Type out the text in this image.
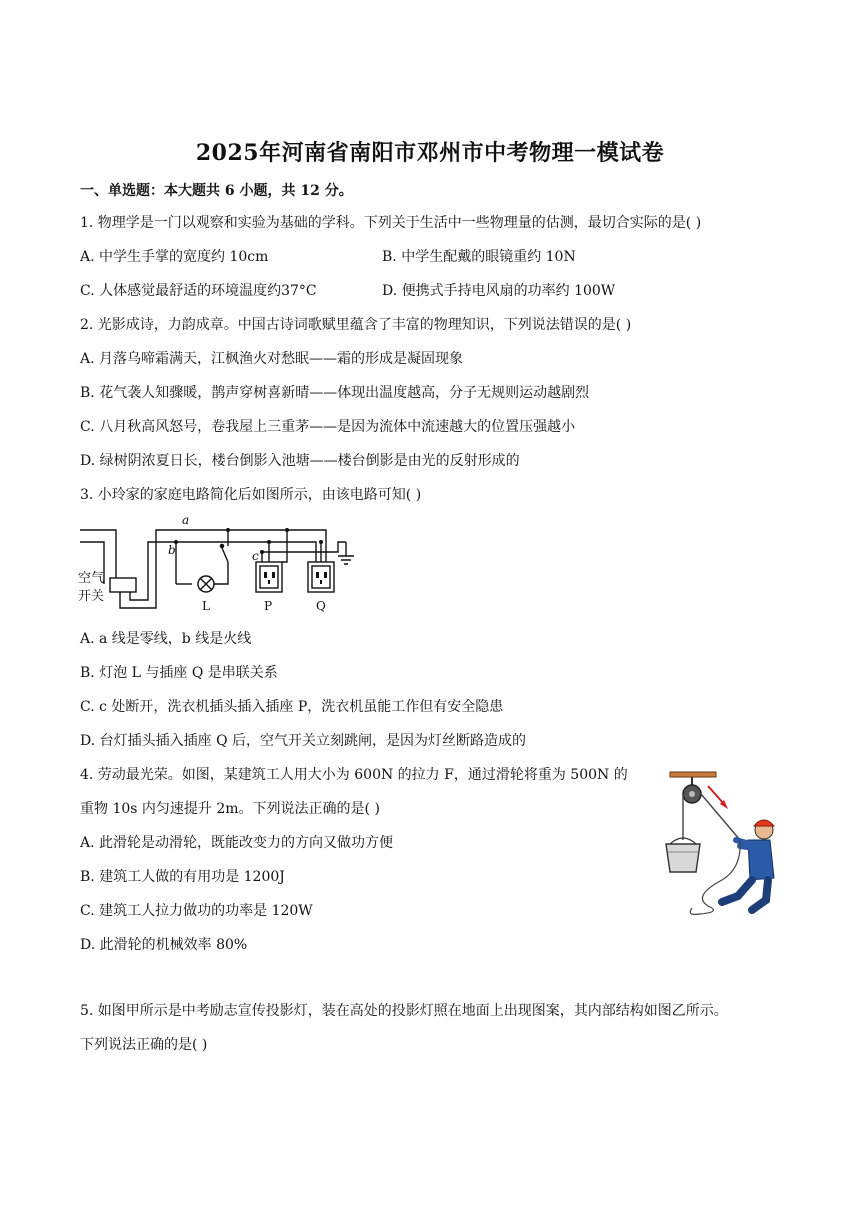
2025年河南省南阳市邓州市中考物理一模试卷
一、单选题：本大题共 6 小题，共 12 分。
1. 物理学是一门以观察和实验为基础的学科。下列关于生活中一些物理量的估测，最切合实际的是( )
A. 中学生手掌的宽度约 10cm	B. 中学生配戴的眼镜重约 10N
C. 人体感觉最舒适的环境温度约37°C	D. 便携式手持电风扇的功率约 100W
2. 光影成诗，力韵成章。中国古诗词歌赋里蕴含了丰富的物理知识，下列说法错误的是( )
A. 月落乌啼霜满天，江枫渔火对愁眠——霜的形成是凝固现象
B. 花气袭人知骤暖，鹊声穿树喜新晴——体现出温度越高，分子无规则运动越剧烈
C. 八月秋高风怒号，卷我屋上三重茅——是因为流体中流速越大的位置压强越小
D. 绿树阴浓夏日长，楼台倒影入池塘——楼台倒影是由光的反射形成的
3. 小玲家的家庭电路简化后如图所示，由该电路可知( )
a
b	c
空气
开关
L	P	Q
A. a 线是零线，b 线是火线
B. 灯泡 L 与插座 Q 是串联关系
C. c 处断开，洗衣机插头插入插座 P，洗衣机虽能工作但有安全隐患
D. 台灯插头插入插座 Q 后，空气开关立刻跳闸，是因为灯丝断路造成的
4. 劳动最光荣。如图，某建筑工人用大小为 600N 的拉力 F，通过滑轮将重为 500N 的
重物 10s 内匀速提升 2m。下列说法正确的是( )
A. 此滑轮是动滑轮，既能改变力的方向又做功方便
B. 建筑工人做的有用功是 1200J
C. 建筑工人拉力做功的功率是 120W
D. 此滑轮的机械效率 80%
5. 如图甲所示是中考励志宣传投影灯，装在高处的投影灯照在地面上出现图案，其内部结构如图乙所示。
下列说法正确的是( )
